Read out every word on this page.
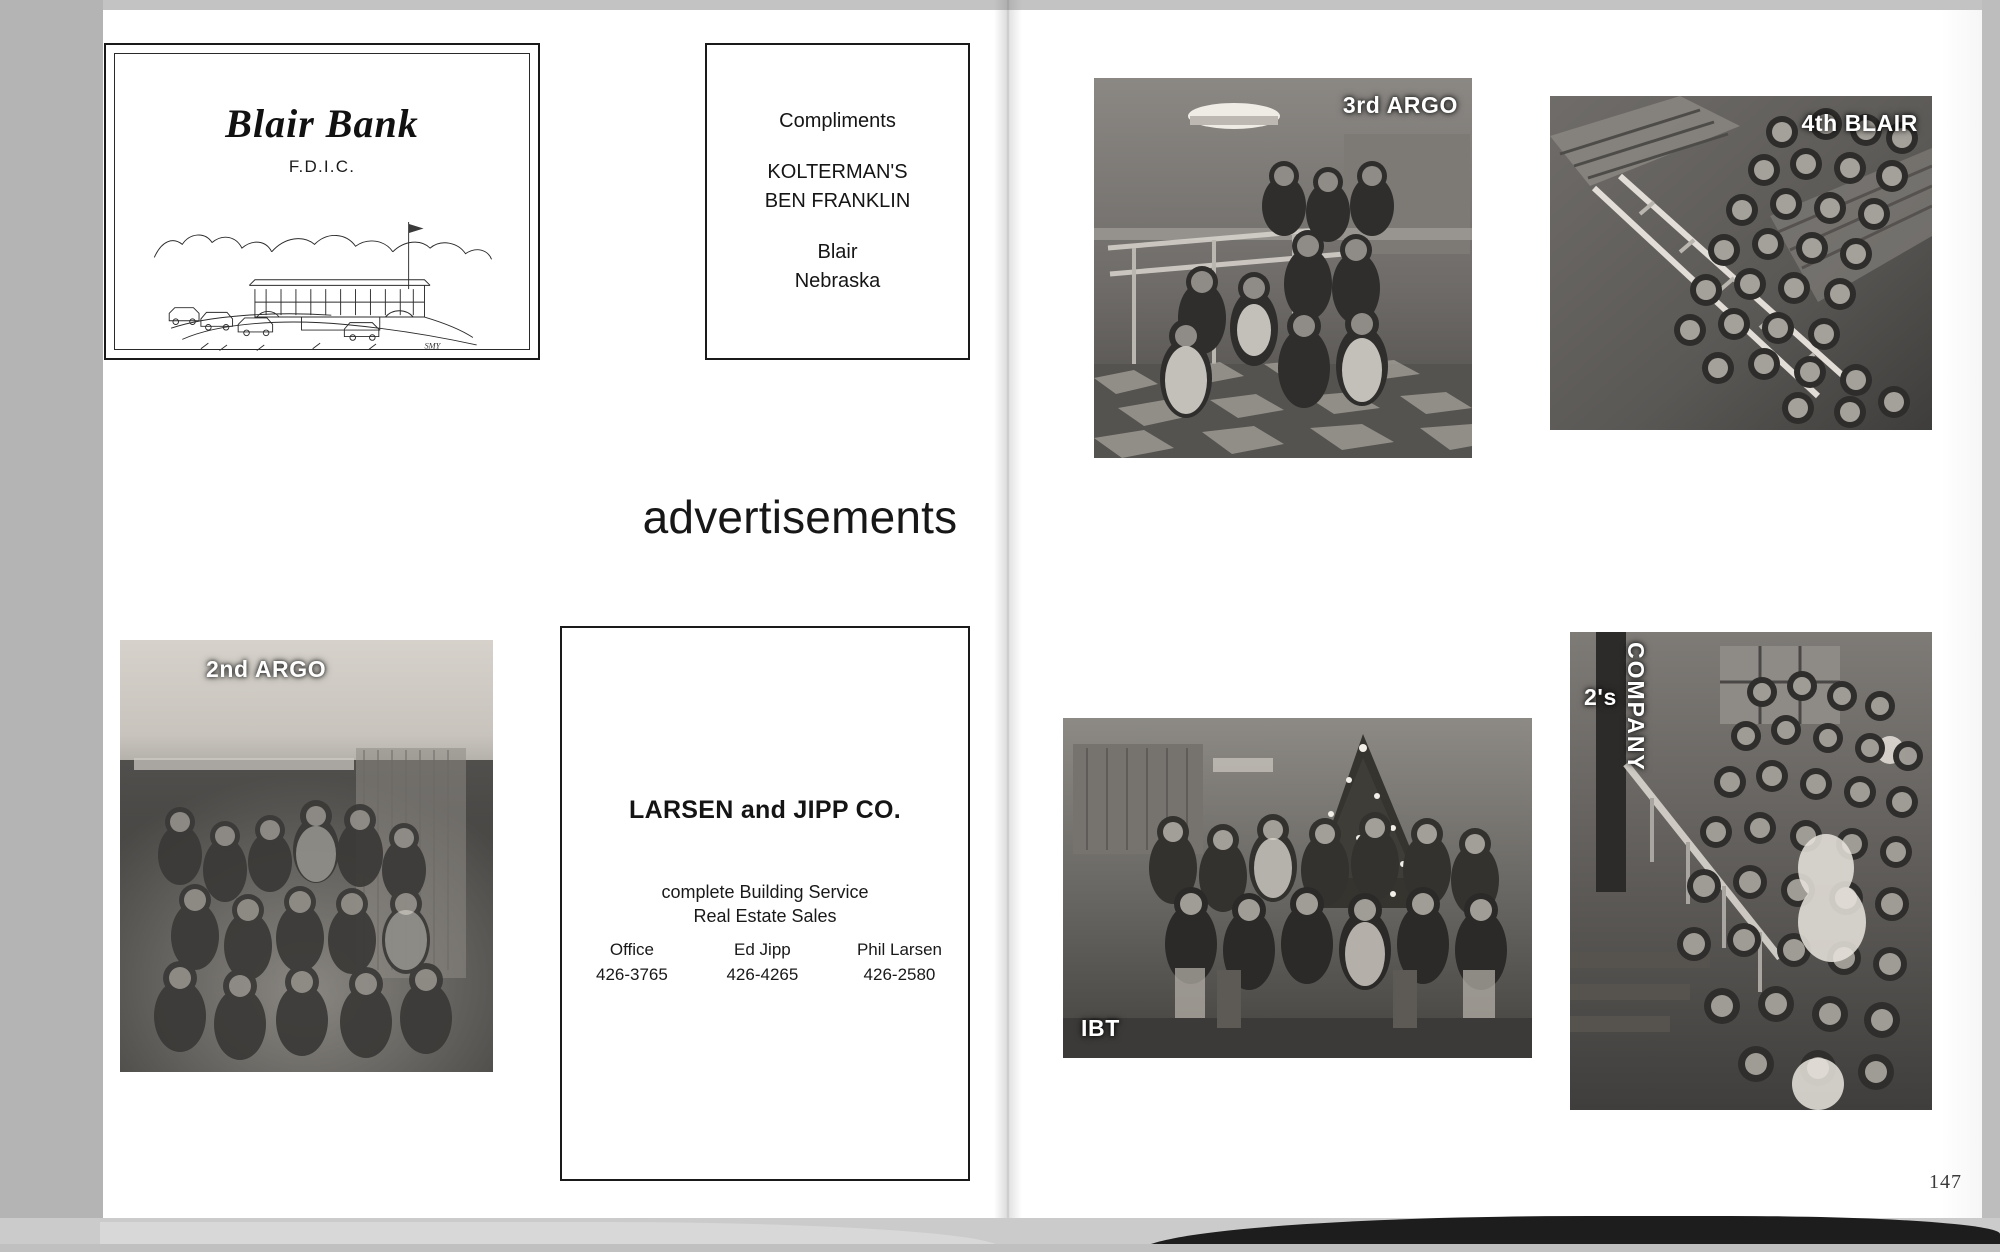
Blair Bank
F.D.I.C.
SMY
Compliments
KOLTERMAN'S
BEN FRANKLIN
Blair
Nebraska
advertisements
2nd ARGO
LARSEN and JIPP CO.
complete Building Service
Real Estate Sales
Office
426-3765
Ed Jipp
426-4265
Phil Larsen
426-2580
3rd ARGO
4th BLAIR
IBT
2's COMPANY
147
